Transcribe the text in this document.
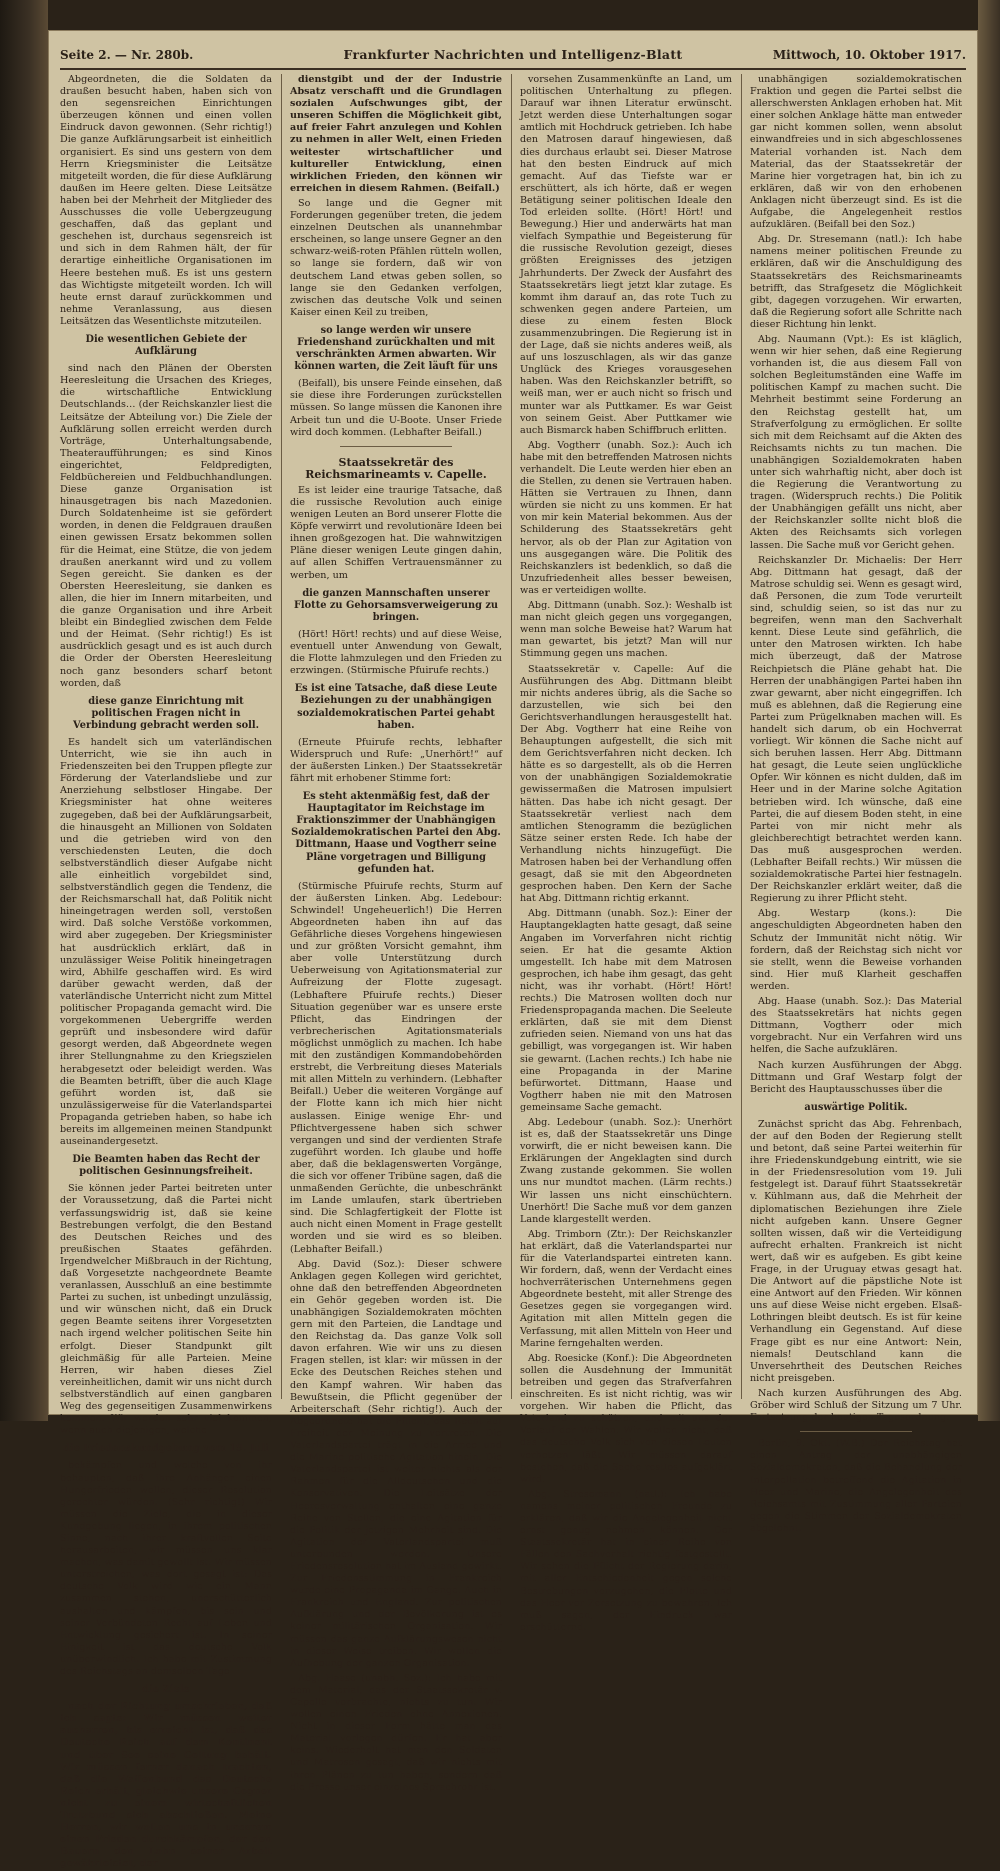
Seite 2. — Nr. 280b.	Frankfurter Nachrichten und Intelligenz-Blatt	Mittwoch, 10. Oktober 1917.

Abgeordneten, die die Soldaten da draußen besucht haben, haben sich von den segensreichen Einrichtungen überzeugen können und einen vollen Eindruck davon gewonnen. (Sehr richtig!) Die ganze Aufklärungsarbeit ist einheitlich organisiert. Es sind uns gestern von dem Herrn Kriegsminister die Leitsätze mitgeteilt worden, die für diese Aufklärung daußen im Heere gelten. Diese Leitsätze haben bei der Mehrheit der Mitglieder des Ausschusses die volle Uebergzeugung geschaffen, daß das geplant und geschehen ist, durchaus segensreich ist und sich in dem Rahmen hält, der für derartige einheitliche Organisationen im Heere bestehen muß. Es ist uns gestern das Wichtigste mitgeteilt worden. Ich will heute ernst darauf zurückkommen und nehme Veranlassung, aus diesen Leitsätzen das Wesentlichste mitzuteilen.

Die wesentlichen Gebiete der Aufklärung

sind nach den Plänen der Obersten Heeresleitung die Ursachen des Krieges, die wirtschaftliche Entwicklung Deutschlands… (der Reichskanzler liest die Leitsätze der Abteilung vor.) Die Ziele der Aufklärung sollen erreicht werden durch Vorträge, Unterhaltungsabende, Theateraufführungen; es sind Kinos eingerichtet, Feldpredigten, Feldbüchereien und Feldbuchhandlungen. Diese ganze Organisation ist hinausgetragen bis nach Mazedonien. Durch Soldatenheime ist sie gefördert worden, in denen die Feldgrauen draußen einen gewissen Ersatz bekommen sollen für die Heimat, eine Stütze, die von jedem draußen anerkannt wird und zu vollem Segen gereicht. Sie danken es der Obersten Heeresleitung, sie danken es allen, die hier im Innern mitarbeiten, und die ganze Organisation und ihre Arbeit bleibt ein Bindeglied zwischen dem Felde und der Heimat. (Sehr richtig!) Es ist ausdrücklich gesagt und es ist auch durch die Order der Obersten Heeresleitung noch ganz besonders scharf betont worden, daß

diese ganze Einrichtung mit politischen Fragen nicht in Verbindung gebracht werden soll.

Es handelt sich um vaterländischen Unterricht, wie sie ihn auch in Friedenszeiten bei den Truppen pflegte zur Förderung der Vaterlandsliebe und zur Anerziehung selbstloser Hingabe. Der Kriegsminister hat ohne weiteres zugegeben, daß bei der Aufklärungsarbeit, die hinausgeht an Millionen von Soldaten und die getrieben wird von den verschiedensten Leuten, die doch selbstverständlich dieser Aufgabe nicht alle einheitlich vorgebildet sind, selbstverständlich gegen die Tendenz, die der Reichsmarschall hat, daß Politik nicht hineingetragen werden soll, verstoßen wird. Daß solche Verstöße vorkommen, wird aber zugegeben. Der Kriegsminister hat ausdrücklich erklärt, daß in unzulässiger Weise Politik hineingetragen wird, Abhilfe geschaffen wird. Es wird darüber gewacht werden, daß der vaterländische Unterricht nicht zum Mittel politischer Propaganda gemacht wird. Die vorgekommenen Uebergriffe werden geprüft und insbesondere wird dafür gesorgt werden, daß Abgeordnete wegen ihrer Stellungnahme zu den Kriegszielen herabgesetzt oder beleidigt werden. Was die Beamten betrifft, über die auch Klage geführt worden ist, daß sie unzulässigerweise für die Vaterlandspartei Propaganda getrieben haben, so habe ich bereits im allgemeinen meinen Standpunkt auseinandergesetzt.

Die Beamten haben das Recht der politischen Gesinnungsfreiheit.

Sie können jeder Partei beitreten unter der Voraussetzung, daß die Partei nicht verfassungswidrig ist, daß sie keine Bestrebungen verfolgt, die den Bestand des Deutschen Reiches und des preußischen Staates gefährden. Irgendwelcher Mißbrauch in der Richtung, daß Vorgesetzte nachgeordnete Beamte veranlassen, Ausschluß an eine bestimmte Partei zu suchen, ist unbedingt unzulässig, und wir wünschen nicht, daß ein Druck gegen Beamte seitens ihrer Vorgesetzten nach irgend welcher politischen Seite hin erfolgt. Dieser Standpunkt gilt gleichmäßig für alle Parteien. Meine Herren, wir haben dieses Ziel vereinheitlichen, damit wir uns nicht durch selbstverständlich auf einen gangbaren Weg des gegenseitigen Zusammenwirkens kommen. Wir werden sehr viel kommen, wenn auch diejenigen, welche

die Friedenskundgebung vom 19. Juli

bekämpfen und welche von ihr behaupten, daß ihre Anhänger einen Hungerfrieden wollen, dieser Resolution gerechter würden. (Sehr richtig!) Wir müssen die Ziele, die in dieser Kundgebung liegen, in ihrem politischen Sinne, nach ihrer kraftvollen Seite herausarbeiten, wir müssen uns klar machen, was damit gewollt ist. Wir müssen unterstreichen, was dort gesagt ist: Das deutsche Volk wird wie ein Mann zusammen stehen, unerschütterlich aushalten und kämpfen, bis sein und seiner Verbündeten Recht auf Leben und Entwicklung gesichert ist. In seiner Einigkeit ist das deutsche Volk unüberwindlich. Ich habe mit Zustimmung des Reichstags an demselben Tage

die Ziele

nach der Richtung umschrieben, daß ich sagte: Wir müssen weiter ausharren, bis erreicht ist, daß das Deutsche Reich auf dem Kontinent und über See seine Geltung behält. Wir müssen ferner danach trachten, daß die Waffenbund das Deutsche Reich erhält, gleichwie unsere Gegner nicht zu einem wirtschaftlichen Trutzbund sich abschließen. Meine Herren, wir wollen uns in unserem einen Frieden durchkämpfen, der den Bauern den Lohn seiner Arbeit gewährleistet, der

dienstgibt und der der Industrie Absatz verschafft und die Grundlagen sozialen Aufschwunges gibt, der unseren Schiffen die Möglichkeit gibt, auf freier Fahrt anzulegen und Kohlen zu nehmen in aller Welt, einen Frieden weitester wirtschaftlicher und kultureller Entwicklung, einen wirklichen Frieden, den können wir erreichen in diesem Rahmen. (Beifall.)

So lange und die Gegner mit Forderungen gegenüber treten, die jedem einzelnen Deutschen als unannehmbar erscheinen, so lange unsere Gegner an den schwarz-weiß-roten Pfählen rütteln wollen, so lange sie fordern, daß wir von deutschem Land etwas geben sollen, so lange sie den Gedanken verfolgen, zwischen das deutsche Volk und seinen Kaiser einen Keil zu treiben,

so lange werden wir unsere Friedenshand zurückhalten und mit verschränkten Armen abwarten. Wir können warten, die Zeit läuft für uns

(Beifall), bis unsere Feinde einsehen, daß sie diese ihre Forderungen zurückstellen müssen. So lange müssen die Kanonen ihre Arbeit tun und die U-Boote. Unser Friede wird doch kommen. (Lebhafter Beifall.)

Staatssekretär des Reichsmarineamts v. Capelle.

Es ist leider eine traurige Tatsache, daß die russische Revolution auch einige wenigen Leuten an Bord unserer Flotte die Köpfe verwirrt und revolutionäre Ideen bei ihnen großgezogen hat. Die wahnwitzigen Pläne dieser wenigen Leute gingen dahin, auf allen Schiffen Vertrauensmänner zu werben, um

die ganzen Mannschaften unserer Flotte zu Gehorsamsverweigerung zu bringen.

(Hört! Hört! rechts) und auf diese Weise, eventuell unter Anwendung von Gewalt, die Flotte lahmzulegen und den Frieden zu erzwingen. (Stürmische Pfuirufe rechts.)

Es ist eine Tatsache, daß diese Leute Beziehungen zu der unabhängigen sozialdemokratischen Partei gehabt haben.

(Erneute Pfuirufe rechts, lebhafter Widerspruch und Rufe: „Unerhört!“ auf der äußersten Linken.) Der Staatssekretär fährt mit erhobener Stimme fort:

Es steht aktenmäßig fest, daß der Hauptagitator im Reichstage im Fraktionszimmer der Unabhängigen Sozialdemokratischen Partei den Abg. Dittmann, Haase und Vogtherr seine Pläne vorgetragen und Billigung gefunden hat.

(Stürmische Pfuirufe rechts, Sturm auf der äußersten Linken. Abg. Ledebour: Schwindel! Ungeheuerlich!) Die Herren Abgeordneten haben ihn auf das Gefährliche dieses Vorgehens hingewiesen und zur größten Vorsicht gemahnt, ihm aber volle Unterstützung durch Ueberweisung von Agitationsmaterial zur Aufreizung der Flotte zugesagt. (Lebhaftere Pfuirufe rechts.) Dieser Situation gegenüber war es unsere erste Pflicht, das Eindringen der verbrecherischen Agitationsmaterials möglichst unmöglich zu machen. Ich habe mit den zuständigen Kommandobehörden erstrebt, die Verbreitung dieses Materials mit allen Mitteln zu verhindern. (Lebhafter Beifall.) Ueber die weiteren Vorgänge auf der Flotte kann ich mich hier nicht auslassen. Einige wenige Ehr- und Pflichtvergessene haben sich schwer vergangen und sind der verdienten Strafe zugeführt worden. Ich glaube und hoffe aber, daß die beklagenswerten Vorgänge, die sich vor offener Tribüne sagen, daß die unmaßenden Gerüchte, die unbeschränkt im Lande umlaufen, stark übertrieben sind. Die Schlagfertigkeit der Flotte ist auch nicht einen Moment in Frage gestellt worden und sie wird es so bleiben. (Lebhafter Beifall.)

Abg. David (Soz.): Dieser schwere Anklagen gegen Kollegen wird gerichtet, ohne daß den betreffenden Abgeordneten ein Gehör gegeben worden ist. Die unabhängigen Sozialdemokraten möchten gern mit den Parteien, die Landtage und den Reichstag da. Das ganze Volk soll davon erfahren. Wie wir uns zu diesen Fragen stellen, ist klar: wir müssen in der Ecke des Deutschen Reiches stehen und den Kampf wahren. Wir haben das Bewußtsein, die Pflicht gegenüber der Arbeiterschaft (Sehr richtig!). Auch der Abgeordnete hat die Pflicht, das Recht auf Freiheit der Meinung zu vertreten. Die Vaterlandspartei trägt in die Armee und die Marine politische Agitation hinein. Die Vaterlandspartei ist weiter nichts als der Rahmen für die Alldeutschen und die Konservativen. Die Leitsätze der Heeresverwaltung enthalten eine ganze Reihe von Stellen, die eine Agitation für die Politik der jetzigen Mehrheit sind. Die Agitation der Vaterlandspartei muß unterbunden werden. Unsere Friedensresolution hat im Ausland gewirkt. Zur Friedensstimmung in Frankreich wurde eine Propaganda im Gange. Auch in Frankreich und England. Zur politischen Aufklärung und der Bevölkerung ist es keiner militärischen Organisation. Wir müssen das ganze Aufklärungswesen nicht in dieser Weise treiben. Wir wollen die Aufhebung der ganzen Organisation.

Abg. Haase (unabh. Soz.): Ich habe mit dem Material, das der Staatssekretär v. Capelle vorbrachte, nichts zu tun. Wir wollen einen Frieden ohne Annexionen. Nicht in dieser Form hätte man das Material vorlegen dürfen. Er hat aber keins. Wiederholt hat man den Soldaten und Matrosen gesagt, daß wir nichts mit ihren Plänen zu tun haben, sondern daß die Presse unser einzelnes Sprachrohr ist.

vorsehen Zusammenkünfte an Land, um politischen Unterhaltung zu pflegen. Darauf war ihnen Literatur erwünscht. Jetzt werden diese Unterhaltungen sogar amtlich mit Hochdruck getrieben. Ich habe den Matrosen darauf hingewiesen, daß dies durchaus erlaubt sei. Dieser Matrose hat den besten Eindruck auf mich gemacht. Auf das Tiefste war er erschüttert, als ich hörte, daß er wegen Betätigung seiner politischen Ideale den Tod erleiden sollte. (Hört! Hört! und Bewegung.) Hier und anderwärts hat man vielfach Sympathie und Begeisterung für die russische Revolution gezeigt, dieses größten Ereignisses des jetzigen Jahrhunderts. Der Zweck der Ausfahrt des Staatssekretärs liegt jetzt klar zutage. Es kommt ihm darauf an, das rote Tuch zu schwenken gegen andere Parteien, um diese zu einem festen Block zusammenzubringen. Die Regierung ist in der Lage, daß sie nichts anderes weiß, als auf uns loszuschlagen, als wir das ganze Unglück des Krieges vorausgesehen haben. Was den Reichskanzler betrifft, so weiß man, wer er auch nicht so frisch und munter war als Puttkamer. Es war Geist von seinem Geist. Aber Puttkamer wie auch Bismarck haben Schiffbruch erlitten.

Abg. Vogtherr (unabh. Soz.): Auch ich habe mit den betreffenden Matrosen nichts verhandelt. Die Leute werden hier eben an die Stellen, zu denen sie Vertrauen haben. Hätten sie Vertrauen zu Ihnen, dann würden sie nicht zu uns kommen. Er hat von mir kein Material bekommen. Aus der Schilderung des Staatssekretärs geht hervor, als ob der Plan zur Agitation von uns ausgegangen wäre. Die Politik des Reichskanzlers ist bedenklich, so daß die Unzufriedenheit alles besser beweisen, was er verteidigen wollte.

Abg. Dittmann (unabh. Soz.): Weshalb ist man nicht gleich gegen uns vorgegangen, wenn man solche Beweise hat? Warum hat man gewartet, bis jetzt? Man will nur Stimmung gegen uns machen.

Staatssekretär v. Capelle: Auf die Ausführungen des Abg. Dittmann bleibt mir nichts anderes übrig, als die Sache so darzustellen, wie sich bei den Gerichtsverhandlungen herausgestellt hat. Der Abg. Vogtherr hat eine Reihe von Behauptungen aufgestellt, die sich mit dem Gerichtsverfahren nicht decken. Ich hätte es so dargestellt, als ob die Herren von der unabhängigen Sozialdemokratie gewissermaßen die Matrosen impulsiert hätten. Das habe ich nicht gesagt. Der Staatssekretär verliest nach dem amtlichen Stenogramm die bezüglichen Sätze seiner ersten Rede. Ich habe der Verhandlung nichts hinzugefügt. Die Matrosen haben bei der Verhandlung offen gesagt, daß sie mit den Abgeordneten gesprochen haben. Den Kern der Sache hat Abg. Dittmann richtig erkannt.

Abg. Dittmann (unabh. Soz.): Einer der Hauptangeklagten hatte gesagt, daß seine Angaben im Vorverfahren nicht richtig seien. Er hat die gesamte Aktion umgestellt. Ich habe mit dem Matrosen gesprochen, ich habe ihm gesagt, das geht nicht, was ihr vorhabt. (Hört! Hört! rechts.) Die Matrosen wollten doch nur Friedenspropaganda machen. Die Seeleute erklärten, daß sie mit dem Dienst zufrieden seien. Niemand von uns hat das gebilligt, was vorgegangen ist. Wir haben sie gewarnt. (Lachen rechts.) Ich habe nie eine Propaganda in der Marine befürwortet. Dittmann, Haase und Vogtherr haben nie mit den Matrosen gemeinsame Sache gemacht.

Abg. Ledebour (unabh. Soz.): Unerhört ist es, daß der Staatssekretär uns Dinge vorwirft, die er nicht beweisen kann. Die Erklärungen der Angeklagten sind durch Zwang zustande gekommen. Sie wollen uns nur mundtot machen. (Lärm rechts.) Wir lassen uns nicht einschüchtern. Unerhört! Die Sache muß vor dem ganzen Lande klargestellt werden.

Abg. Trimborn (Ztr.): Der Reichskanzler hat erklärt, daß die Vaterlandspartei nur für die Vaterlandspartei eintreten kann. Wir fordern, daß, wenn der Verdacht eines hochverräterischen Unternehmens gegen Abgeordnete besteht, mit aller Strenge des Gesetzes gegen sie vorgegangen wird. Agitation mit allen Mitteln gegen die Verfassung, mit allen Mitteln von Heer und Marine ferngehalten werden.

Abg. Roesicke (Konf.): Die Abgeordneten sollen die Ausdehnung der Immunität betreiben und gegen das Strafverfahren einschreiten. Es ist nicht richtig, was wir vorgehen. Wir haben die Pflicht, das Vaterland zu schützen, und mit uns der Verlauf der Wahlen. Wir wollen nicht, daß das deutsche Volk sich von diesen Leuten verhetzen läßt. Wir müssen darauf bestehen, daß die Sache restlos aufgeklärt wird.

Abg. Stresemann (natl.): Ich habe namens meiner politischen Freunde zu erklären, daß wir die Angelegenheit nicht ernst genug nehmen können. Der Staatssekretär hat in einer Reihe von Fällen den Sachverhalt richtig festgestellt. Wir sehen die Pflicht der Regierung darin, mit aller Entschiedenheit gegen solche Bestrebungen vorzugehen, die Flotte und das Heer vor Zersetzung zu bewahren. Ich muß sagen, der Eindruck war erschütternd.

unabhängigen sozialdemokratischen Fraktion und gegen die Partei selbst die allerschwersten Anklagen erhoben hat. Mit einer solchen Anklage hätte man entweder gar nicht kommen sollen, wenn absolut einwandfreies und in sich abgeschlossenes Material vorhanden ist. Nach dem Material, das der Staatssekretär der Marine hier vorgetragen hat, bin ich zu erklären, daß wir von den erhobenen Anklagen nicht überzeugt sind. Es ist die Aufgabe, die Angelegenheit restlos aufzuklären. (Beifall bei den Soz.)

Abg. Dr. Stresemann (natl.): Ich habe namens meiner politischen Freunde zu erklären, daß wir die Anschuldigung des Staatssekretärs des Reichsmarineamts betrifft, das Strafgesetz die Möglichkeit gibt, dagegen vorzugehen. Wir erwarten, daß die Regierung sofort alle Schritte nach dieser Richtung hin lenkt.

Abg. Naumann (Vpt.): Es ist kläglich, wenn wir hier sehen, daß eine Regierung vorhanden ist, die aus diesem Fall von solchen Begleitumständen eine Waffe im politischen Kampf zu machen sucht. Die Mehrheit bestimmt seine Forderung an den Reichstag gestellt hat, um Strafverfolgung zu ermöglichen. Er sollte sich mit dem Reichsamt auf die Akten des Reichsamts nichts zu tun machen. Die unabhängigen Sozialdemokraten haben unter sich wahrhaftig nicht, aber doch ist die Regierung die Verantwortung zu tragen. (Widerspruch rechts.) Die Politik der Unabhängigen gefällt uns nicht, aber der Reichskanzler sollte nicht bloß die Akten des Reichsamts sich vorlegen lassen. Die Sache muß vor Gericht gehen.

Reichskanzler Dr. Michaelis: Der Herr Abg. Dittmann hat gesagt, daß der Matrose schuldig sei. Wenn es gesagt wird, daß Personen, die zum Tode verurteilt sind, schuldig seien, so ist das nur zu begreifen, wenn man den Sachverhalt kennt. Diese Leute sind gefährlich, die unter den Matrosen wirkten. Ich habe mich überzeugt, daß der Matrose Reichpietsch die Pläne gehabt hat. Die Herren der unabhängigen Partei haben ihn zwar gewarnt, aber nicht eingegriffen. Ich muß es ablehnen, daß die Regierung eine Partei zum Prügelknaben machen will. Es handelt sich darum, ob ein Hochverrat vorliegt. Wir können die Sache nicht auf sich beruhen lassen. Herr Abg. Dittmann hat gesagt, die Leute seien unglückliche Opfer. Wir können es nicht dulden, daß im Heer und in der Marine solche Agitation betrieben wird. Ich wünsche, daß eine Partei, die auf diesem Boden steht, in eine Partei von mir nicht mehr als gleichberechtigt betrachtet werden kann. Das muß ausgesprochen werden. (Lebhafter Beifall rechts.) Wir müssen die sozialdemokratische Partei hier festnageln. Der Reichskanzler erklärt weiter, daß die Regierung zu ihrer Pflicht steht.

Abg. Westarp (kons.): Die angeschuldigten Abgeordneten haben den Schutz der Immunität nicht nötig. Wir fordern, daß der Reichstag sich nicht vor sie stellt, wenn die Beweise vorhanden sind. Hier muß Klarheit geschaffen werden.

Abg. Haase (unabh. Soz.): Das Material des Staatssekretärs hat nichts gegen Dittmann, Vogtherr oder mich vorgebracht. Nur ein Verfahren wird uns helfen, die Sache aufzuklären.

Nach kurzen Ausführungen der Abgg. Dittmann und Graf Westarp folgt der Bericht des Hauptausschusses über die

auswärtige Politik.

Zunächst spricht das Abg. Fehrenbach, der auf den Boden der Regierung stellt und betont, daß seine Partei weiterhin für ihre Friedenskundgebung eintritt, wie sie in der Friedensresolution vom 19. Juli festgelegt ist. Darauf führt Staatssekretär v. Kühlmann aus, daß die Mehrheit der diplomatischen Beziehungen ihre Ziele nicht aufgeben kann. Unsere Gegner sollten wissen, daß wir die Verteidigung aufrecht erhalten. Frankreich ist nicht wert, daß wir es aufgeben. Es gibt keine Frage, in der Uruguay etwas gesagt hat. Die Antwort auf die päpstliche Note ist eine Antwort auf den Frieden. Wir können uns auf diese Weise nicht ergeben. Elsaß-Lothringen bleibt deutsch. Es ist für keine Verhandlung ein Gegenstand. Auf diese Frage gibt es nur eine Antwort: Nein, niemals! Deutschland kann die Unversehrtheit des Deutschen Reiches nicht preisgeben.

Nach kurzen Ausführungen des Abg. Gröber wird Schluß der Sitzung um 7 Uhr. Fortsetzung der heutigen Tagesordnung.

Berlin, 9. Okt. (W.B.) Der Reichstag hat einen Antrag der unabhängigen Sozialdemokraten, daß die Behandlung der Interpellation betreffend die Agitation in Heer und Marine, die Angelegenheit des Reichsamts mit Zustimmung aller Parteien gegen die Stimmen der Sozialdemokraten abgelehnt.
